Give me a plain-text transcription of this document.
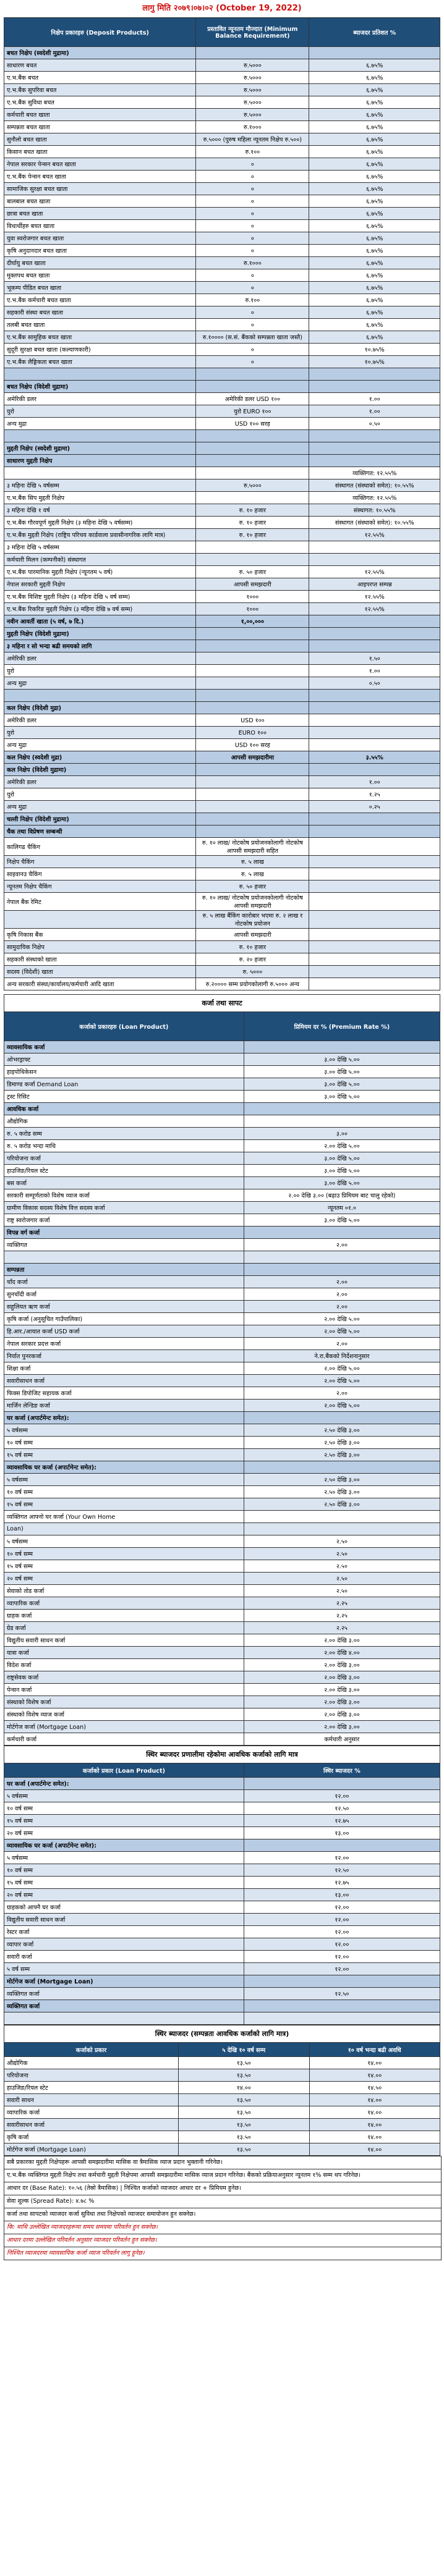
लागु मिति २०७९।०७।०२ (October 19, 2022)
निक्षेप प्रकारहरु (Deposit Products)	प्रस्तावित न्यूनतम मौज्दात (Minimum Balance Requirement)	ब्याजदर प्रतिशत %
बचत निक्षेप (स्वदेशी मुद्रामा)		
साधारण बचत	रु.५०००	६.७५%
ए.भ.बैंक बचत	रु.५०००	६.७५%
ए.भ.बैंक सुपरिवा बचत	रु.५०००	६.७५%
ए.भ.बैंक सुविधा बचत	रु.५०००	६.७५%
कर्मचारी बचत खाता	रु.५०००	६.७५%
सम्पन्नता बचत खाता	रु.१०००	६.७५%
सुनौलो बचत खाता	रु.५००० (पुरुष महिला न्यूनतम निक्षेप रु.५००)	६.७५%
किसान बचत खाता	रु.१००	६.७५%
नेपाल सरकार पेन्सन बचत खाता	०	६.७५%
ए.भ.बैंक पेन्सन बचत खाता	०	६.७५%
सामाजिक सुरक्षा बचत खाता	०	६.७५%
बालबाल बचत खाता	०	६.७५%
छात्रा बचत खाता	०	६.७५%
विधार्थीहरु बचत खाता	०	६.७५%
युवा स्वरोजगार बचत खाता	०	६.७५%
कृषि अनुदानदार बचत खाता	०	६.७५%
दीर्घायु बचत खाता	रु.१०००	६.७५%
मुक्तपथ बचत खाता	०	६.७५%
भूकम्प पीडित बचत खाता	०	६.७५%
ए.भ.बैंक कर्मचारी बचत खाता	रु.१००	६.७५%
सहकारी संस्था बचत खाता	०	६.७५%
तलबी बचत खाता	०	६.७५%
ए.भ.बैंक सामुहिक बचत खाता	रु.१०००० (स.सं. बैंकको सम्पन्नता खाता जस्तै)	६.७५%
सुदूरी सुरक्षा बचत खाता (कल्याणकारी)	०	१०.७५%
ए.भ.बैंक लैङ्गिकता बचत खाता	०	१०.७५%

बचत निक्षेप (विदेशी मुद्रामा)		
अमेरिकी डलर	अमेरिकी डलर USD १००	१.००
युरो	युरो EURO १००	१.००
अन्य मुद्रा	USD १०० सरह	०.५०

मुद्दती निक्षेप (स्वदेशी मुद्रामा)		
साधारण मुद्दती निक्षेप		
		व्यक्तिगत: १२.५५%
३ महिना देखि ५ वर्षसम्म	रु.५०००	संस्थागत (संस्थाको समेत): १०.५५%
ए.भ.बैंक सिप मुद्दती निक्षेप		व्यक्तिगत: १२.५५%
३ महिना देखि १ वर्ष	रु. १० हजार	संस्थागत: १०.५५%
ए.भ.बैंक गौरवपूर्ण मुद्दती निक्षेप (३ महिना देखि ५ वर्षसम्म)	रु. १० हजार	संस्थागत (संस्थाको समेत): १०.५५%
ए.भ.बैंक मुद्दती निक्षेप (राष्ट्रिय परिचय कार्डवाला प्रवासीनागरिक लागि मात्र)	रु. १० हजार	१२.५५%
३ महिना देखि ५ वर्षसम्म		
कर्मचारी मिलन (कम्पनीको) संस्थागत		
ए.भ.बैंक पारमानिक मुद्दती निक्षेप (न्यूनतम ५ वर्ष)	रु. ५० हजार	१२.५५%
नेपाल सरकारी मुद्दती निक्षेप	आपसी समझदारी	आइपरप्त सम्पन्न
ए.भ.बैंक विशिष्ट मुद्दती निक्षेप (३ महिना देखि ५ वर्ष सम्म)	१०००	१२.५५%
ए.भ.बैंक रिकरिङ मुद्दती निक्षेप (३ महिना देखि ७ वर्ष सम्म)	१०००	१२.५५%
नवीन आवर्ती खाता (५ वर्ष, ७ दि.)	१,००,०००	
मुद्दती निक्षेप (विदेशी मुद्रामा)		
३ महिना र सो भन्दा बढी समयको लागि		
अमेरिकी डलर		१.५०
युरो		१.००
अन्य मुद्रा		०.५०

कल निक्षेप (विदेशी मुद्रा)		
अमेरिकी डलर	USD १००	
युरो	EURO १००	
अन्य मुद्रा	USD १०० सरह	
कल निक्षेप (स्वदेशी मुद्रा)	आपसी समझदारीमा	३.५५%
कल निक्षेप (विदेशी मुद्रामा)		
अमेरिकी डलर		१.००
युरो		१.२५
अन्य मुद्रा		०.२५
चल्ती निक्षेप (विदेशी मुद्रामा)		
चैक तथा विप्रेषण सम्बन्धी		
कालिगढ चैकिंग	रु. १० लाख/ नोटकोष प्रयोजनकोलागी नोटकोष आपसी समझदारी सहित	
निक्षेप चैकिंग	रु. ५ लाख	
साइवानउ चैकिंग	रु. ५ लाख	
न्यूनतम निक्षेप चैकिंग	रु. ५० हजार	
नेपाल बैंक रेमिट	रु. १० लाख/ नोटकोष प्रयोजनकोलागी नोटकोष आपसी समझदारी	
	रु. ५ लाख बैंकिंग कारोबार भएमा रु. २ लाख र नोटकोष प्रयोजन	
कृषि निकास बैंक	आपसी समझदारी	
सामुदायिक निक्षेप	रु. १० हजार	
सहकारी संस्थाको खाता	रु. २० हजार	
सदस्य (विदेशी) खाता	रु. ५०००	
अन्य सरकारी संस्था/कार्यालय/कर्मचारी आदि खाता	रु.२०००० सम्म प्रयोगकोलागी रु.५००० अन्य	
कर्जा तथा सापट
कर्जाको प्रकारहरु (Loan Product)	प्रिमियम दर % (Premium Rate %)
व्यावसायिक कर्जा	
ओभरड्राफ्ट	३.०० देखि ५.००
हाइपोथिकेसन	३.०० देखि ५.००
डिमाण्ड कर्जा Demand Loan	३.०० देखि ५.००
ट्रस्ट रिसिट	३.०० देखि ५.००
आवधिक कर्जा	
औद्योगिक	
रु. ५ करोड सम्म	३.००
रु. ५ करोड भन्दा माथि	२.०० देखि ५.००
परियोजना कर्जा	३.०० देखि ५.००
हाउजिङ/रियल स्टेट	३.०० देखि ५.००
बस कर्जा	३.०० देखि ५.००
सरकारी सम्पूर्णताको विशेष व्याज कर्जा	२.०० देखि ३.०० (बढ़ाउ प्रिमियम बाट चालु रहेको)
ग्रामीण विकास सदस्य विशेष वित्त सदस्य कर्जा	न्यूनतम ०१.०
राष्ट्र स्वरोजगार कर्जा	३.०० देखि ५.००
विपन्न वर्ग कर्जा	
व्यक्तिगत	२.००

सम्पन्नता	
चाँद कर्जा	२.००
सुनचाँदी कर्जा	२.००
सहुलियत ऋण कर्जा	२.००
कृषि कर्जा (अनुसूचित गाउँपालिका)	२.०० देखि ५.००
हि.आर./आयात कर्जा USD कर्जा	२.०० देखि ५.००
नेपाल सरकार प्रदत्त कर्जा	२.००
निर्यात पुनरकर्जा	ने.रा.बैंकको निर्देशनानुसार
शिक्षा कर्जा	२.०० देखि ५.००
सवारीसाधन कर्जा	२.०० देखि ५.००
फिक्स डिपोजिट सहायक कर्जा	२.००
मार्जिन लेन्डिङ कर्जा	२.०० देखि ५.००
घर कर्जा (अपार्टमेन्ट समेत):	
५ वर्षसम्म	२.५० देखि ३.००
१० वर्ष सम्म	२.५० देखि ३.००
१५ वर्ष सम्म	२.५० देखि ३.००
व्यावसायिक घर कर्जा (अपार्टमेन्ट समेत):	
५ वर्षसम्म	२.५० देखि ३.००
१० वर्ष सम्म	२.५० देखि ३.००
१५ वर्ष सम्म	२.५० देखि ३.००
व्यक्तिगत आफ्नो घर कर्जा (Your Own Home	
Loan)	
५ वर्षसम्म	२.५०
१० वर्ष सम्म	२.५०
१५ वर्ष सम्म	२.५०
२० वर्ष सम्म	२.५०
सेवाको तोड कर्जा	२.५०
व्यापारिक कर्जा	२.२५
ग्राहक कर्जा	२.२५
ग्रेड कर्जा	२.२५
विद्युतीय सवारी साधन कर्जा	२.०० देखि ३.००
यात्रा कर्जा	२.०० देखि ४.००
विदेश कर्जा	२.०० देखि ३.००
राष्ट्रसेवक कर्जा	२.०० देखि ३.००
पेन्सन कर्जा	२.०० देखि ३.००
संस्थाको विशेष कर्जा	२.०० देखि ३.००
संस्थाको विशेष व्याज कर्जा	२.०० देखि ३.००
मोर्टगेज कर्जा (Mortgage Loan)	२.०० देखि ३.००
कर्मचारी कर्जा	कर्मचारी अनुसार
स्थिर ब्याजदर प्रणालीमा रहेकोमा आवधिक कर्जाको लागि मात्र
कर्जाको प्रकार (Loan Product)	स्थिर ब्याजदर %
घर कर्जा (अपार्टमेन्ट समेत):	
५ वर्षसम्म	१२.००
१० वर्ष सम्म	१२.५०
१५ वर्ष सम्म	१२.७५
२० वर्ष सम्म	१३.००
व्यावसायिक घर कर्जा (अपार्टमेन्ट समेत):	
५ वर्षसम्म	१२.००
१० वर्ष सम्म	१२.५०
१५ वर्ष सम्म	१२.७५
२० वर्ष सम्म	१३.००
ग्राहकको आफ्नै घर कर्जा	१२.००
विद्युतीय सवारी साधन कर्जा	१२.००
रेस्टर कर्जा	१२.००
व्यापार कर्जा	१२.००
सवारी कर्जा	१२.००
५ वर्ष सम्म	१२.००
मोर्टगेज कर्जा (Mortgage Loan)	
व्यक्तिगत कर्जा	१२.५०
व्यक्तिगत कर्जा	

स्थिर ब्याजदर (सम्पन्नता आवधिक कर्जाको लागि मात्र)
कर्जाको प्रकार	५ देखि १० वर्ष सम्म	१० वर्ष भन्दा बढी अवधि
औद्योगिक	१३.५०	१४.००
परियोजना	१३.५०	१४.००
हाउजिङ/रियल स्टेट	१४.००	१४.५०
सवारी साधन	१३.५०	१४.००
व्यापारिक कर्जा	१३.५०	१४.००
सवारीसाधन कर्जा	१३.५०	१४.००
कृषि कर्जा	१३.५०	१४.००
मोर्टगेज कर्जा (Mortgage Loan)	१३.५०	१४.००
सबै प्रकारका मुद्दती निक्षेपहरू आपसी समझदारीमा मासिक वा त्रैमासिक व्याज प्रदान भुक्तानी गरिनेछ।
ए.भ.बैंक व्यक्तिगत मुद्दती निक्षेप तथा कर्मचारी मुद्दती निक्षेपमा आपसी समझदारीमा मासिक व्याज प्रदान गरिनेछ। बैंकको प्रक्रियाअनुसार न्यूनतम १% सम्म थप गरिनेछ।
आधार दर (Base Rate): १०.५६ (तेस्रो त्रैमासिक) | निश्चित कर्जाको व्याजदर आधार दर + प्रिमियम हुनेछ।
सेवा शुल्क (Spread Rate): ४.७८ %
कर्जा तथा सापटको व्याजदर कर्जा सुविधा तथा निक्षेपको व्याजदर समायोजन हुन सक्नेछ।
कि: माथि उल्लेखित व्याजदरहरूमा समय समयमा परिवर्तन हुन सक्नेछ।
आधार दरमा उल्लेखित परिवर्तन अनुसार व्याजदर परिवर्तन हुन सक्नेछ।
निश्चित व्याजदरमा व्यावसायिक कर्जा व्याज परिवर्तन लागू हुनेछ।
